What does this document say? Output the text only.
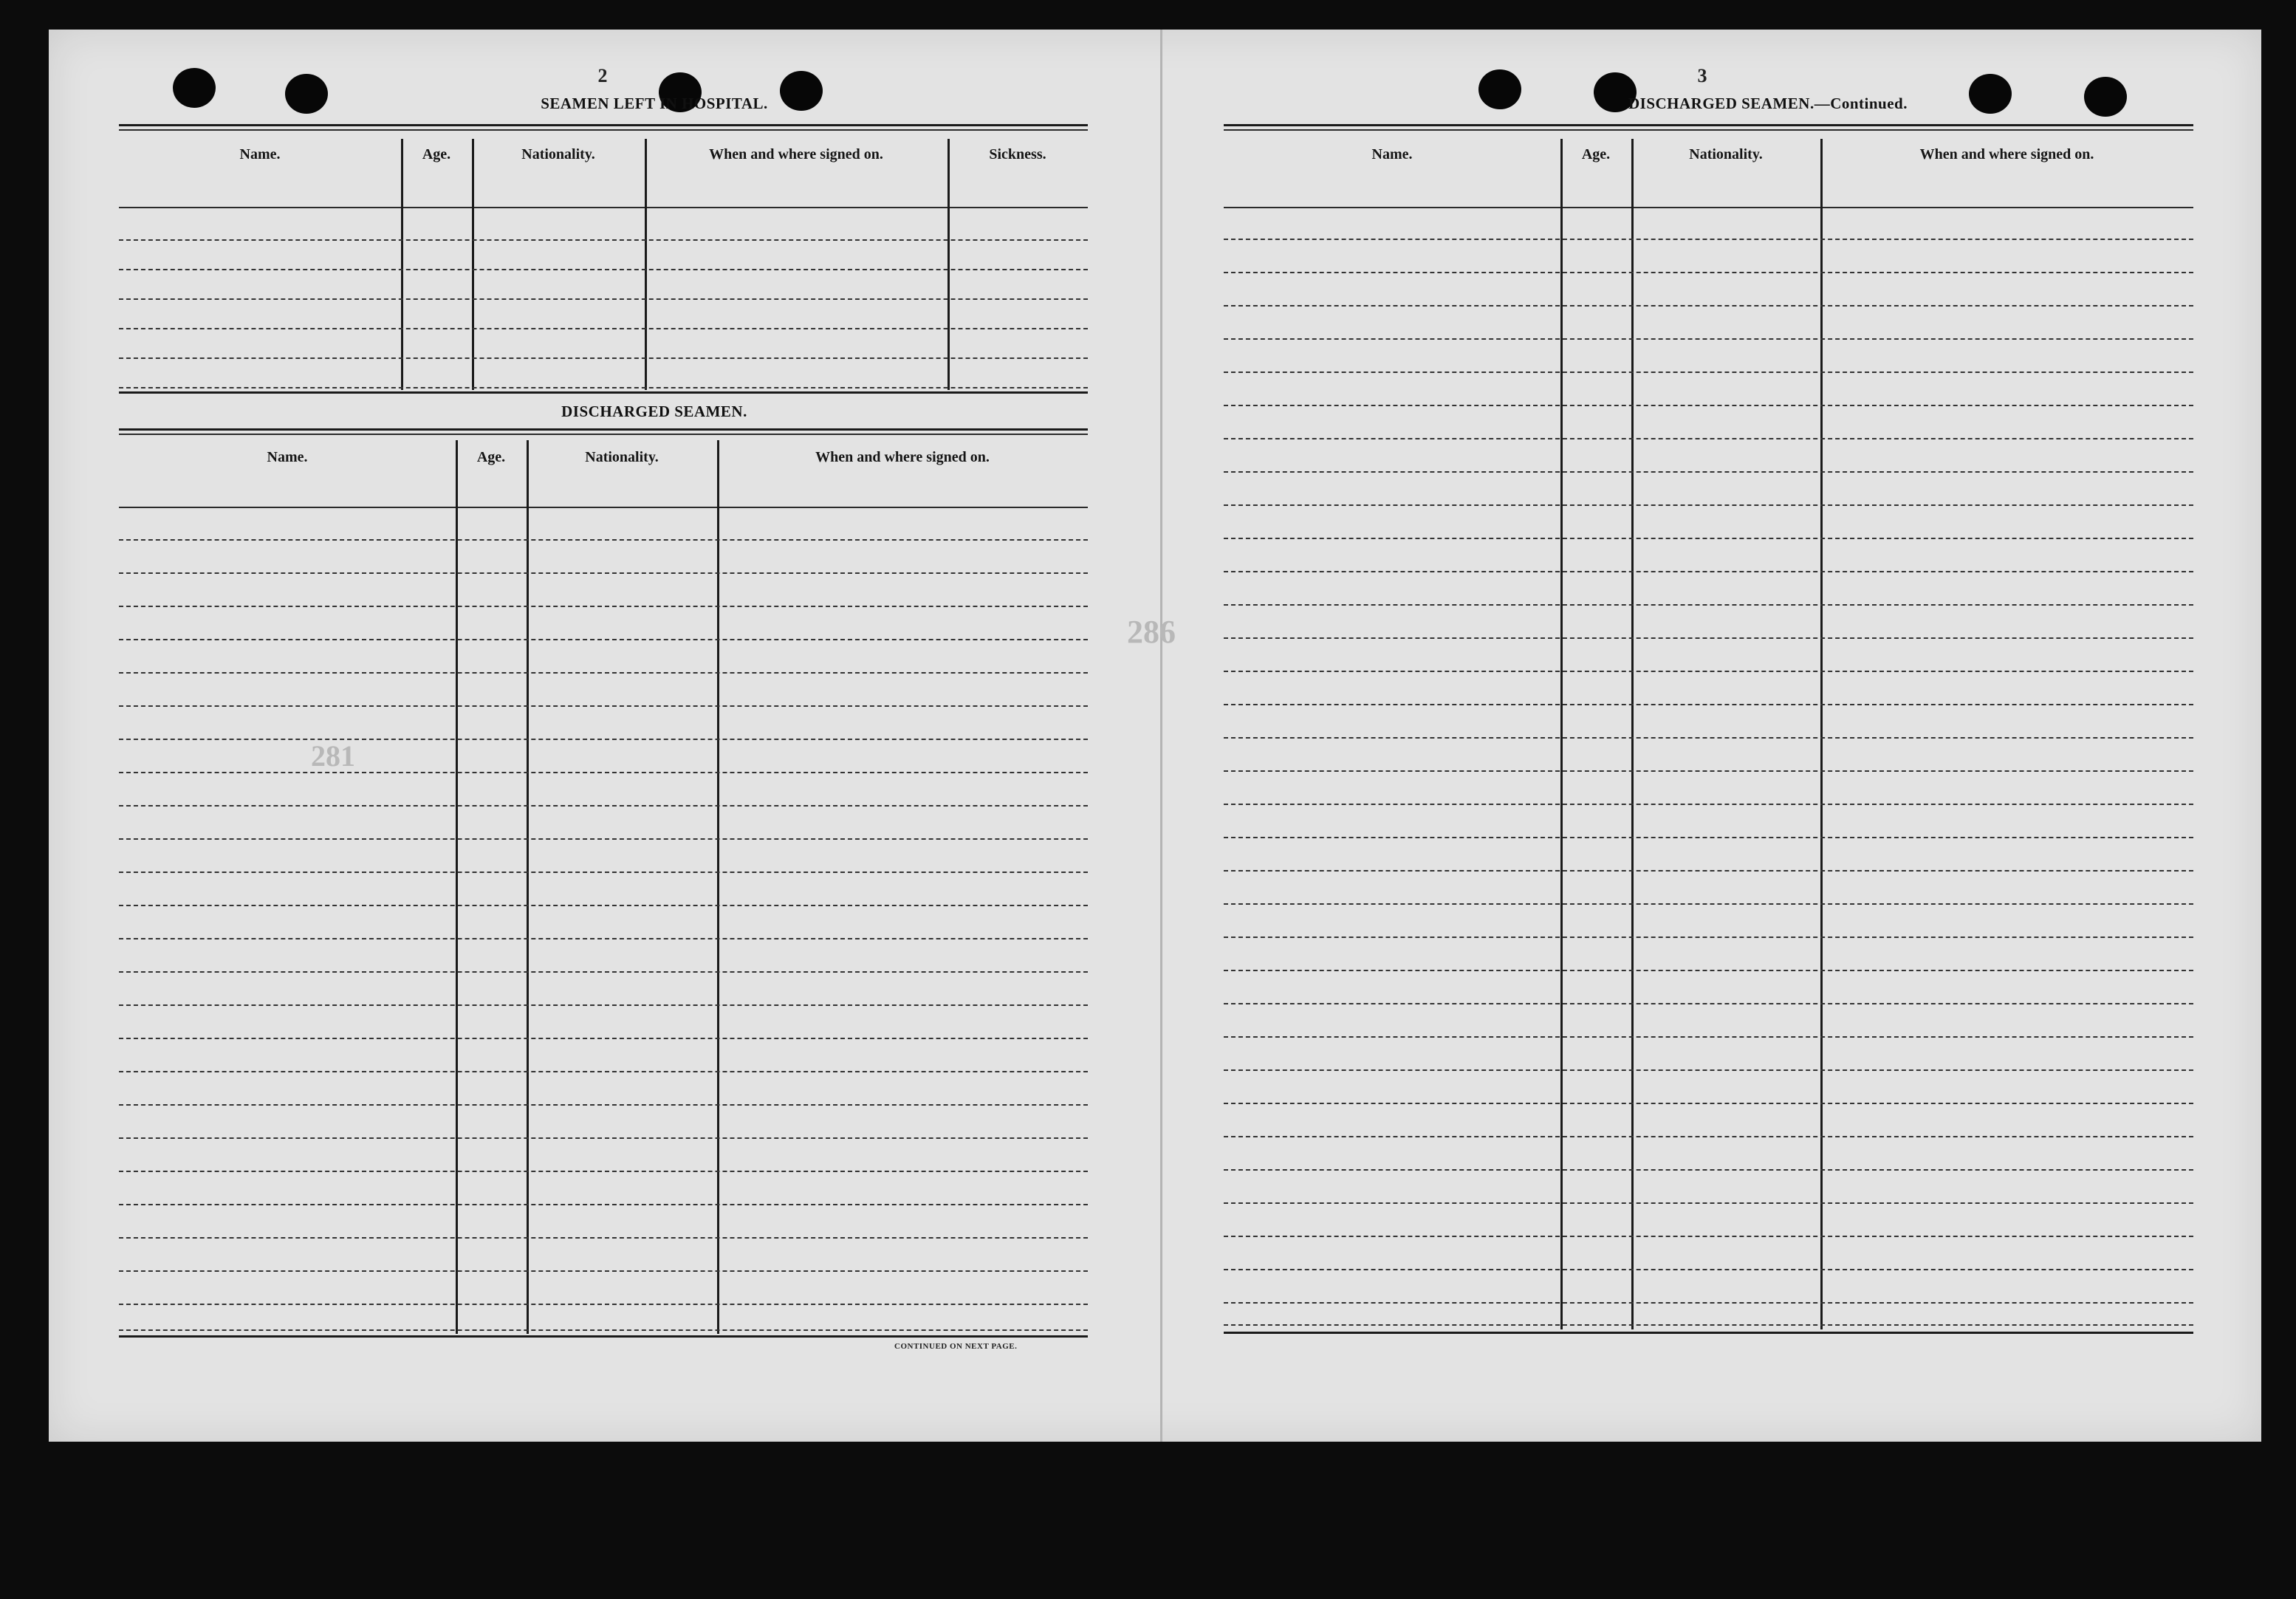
286
281
2
SEAMEN LEFT IN HOSPITAL.
Name.	Age.	Nationality.	When and where signed on.	Sickness.
DISCHARGED SEAMEN.
Name.	Age.	Nationality.	When and where signed on.
CONTINUED ON NEXT PAGE.
3
DISCHARGED SEAMEN.—Continued.
Name.	Age.	Nationality.	When and where signed on.
